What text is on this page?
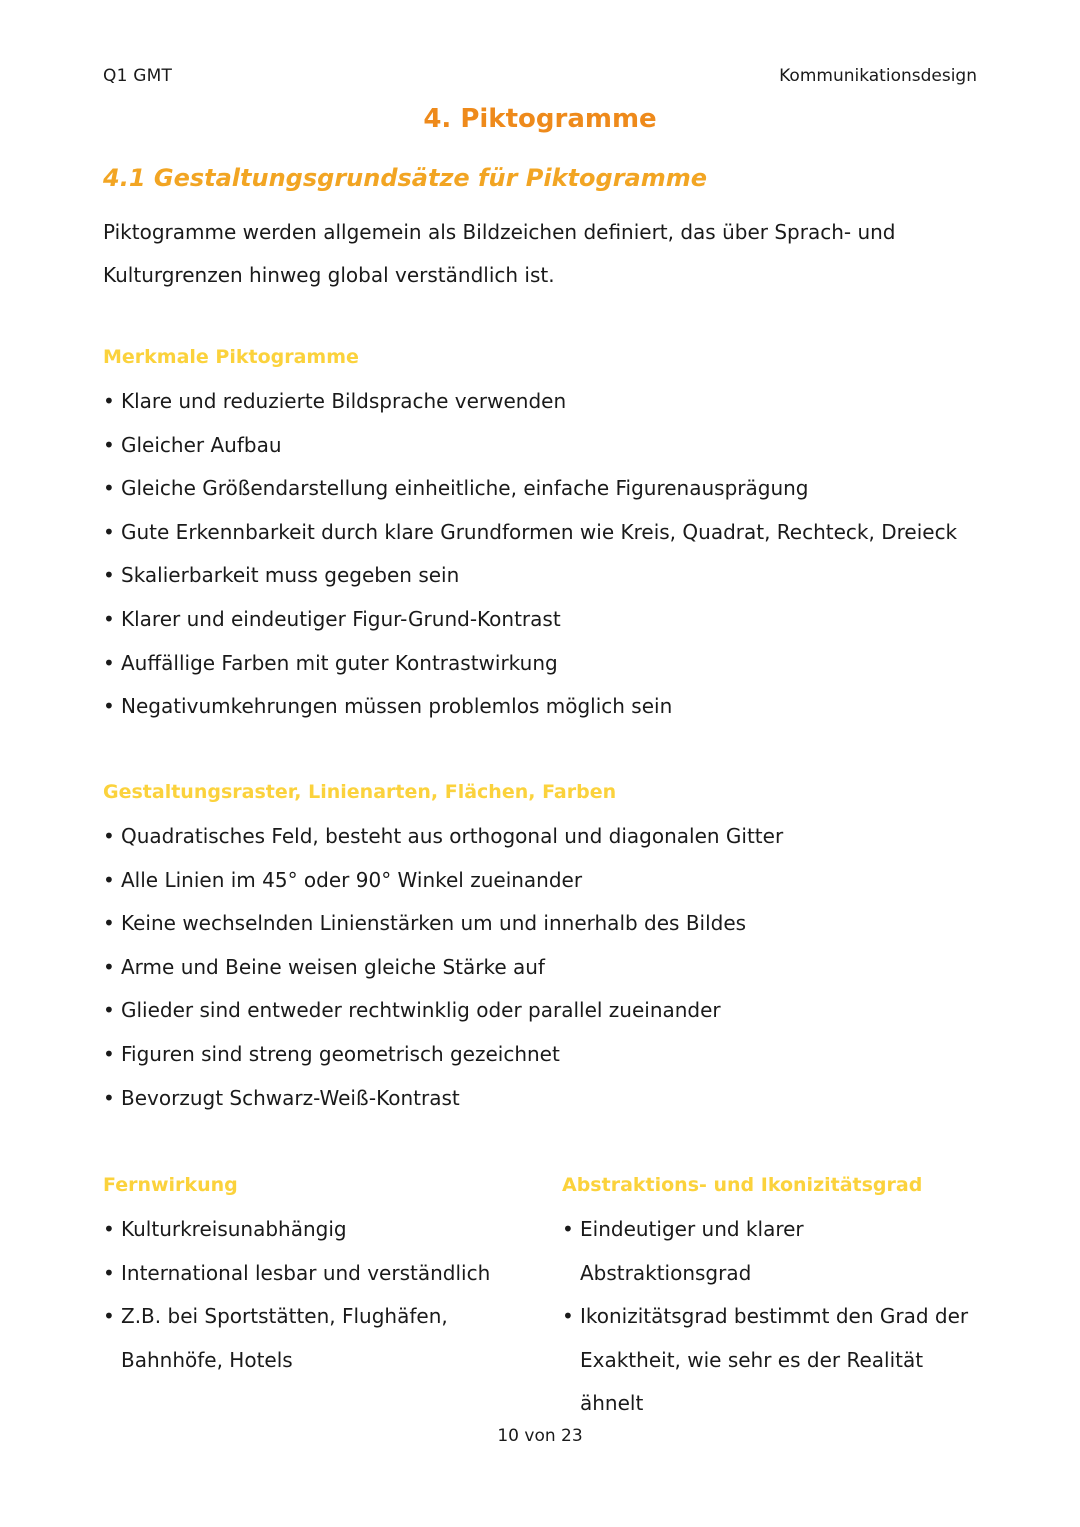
Q1 GMT	Kommunikationsdesign
4. Piktogramme
4.1 Gestaltungsgrundsätze für Piktogramme

Piktogramme werden allgemein als Bildzeichen definiert, das über Sprach- und

Kulturgrenzen hinweg global verständlich ist.

Merkmale Piktogramme
• Klare und reduzierte Bildsprache verwenden
• Gleicher Aufbau
• Gleiche Größendarstellung einheitliche, einfache Figurenausprägung
• Gute Erkennbarkeit durch klare Grundformen wie Kreis, Quadrat, Rechteck, Dreieck
• Skalierbarkeit muss gegeben sein
• Klarer und eindeutiger Figur-Grund-Kontrast
• Auffällige Farben mit guter Kontrastwirkung
• Negativumkehrungen müssen problemlos möglich sein
Gestaltungsraster, Linienarten, Flächen, Farben
• Quadratisches Feld, besteht aus orthogonal und diagonalen Gitter
• Alle Linien im 45° oder 90° Winkel zueinander
• Keine wechselnden Linienstärken um und innerhalb des Bildes
• Arme und Beine weisen gleiche Stärke auf
• Glieder sind entweder rechtwinklig oder parallel zueinander
• Figuren sind streng geometrisch gezeichnet
• Bevorzugt Schwarz-Weiß-Kontrast
Fernwirkung
• Kulturkreisunabhängig
• International lesbar und verständlich
• Z.B. bei Sportstätten, Flughäfen, Bahnhöfe, Hotels
Abstraktions- und Ikonizitätsgrad
• Eindeutiger und klarer Abstraktionsgrad
• Ikonizitätsgrad bestimmt den Grad der Exaktheit, wie sehr es der Realität ähnelt
10 von 23
